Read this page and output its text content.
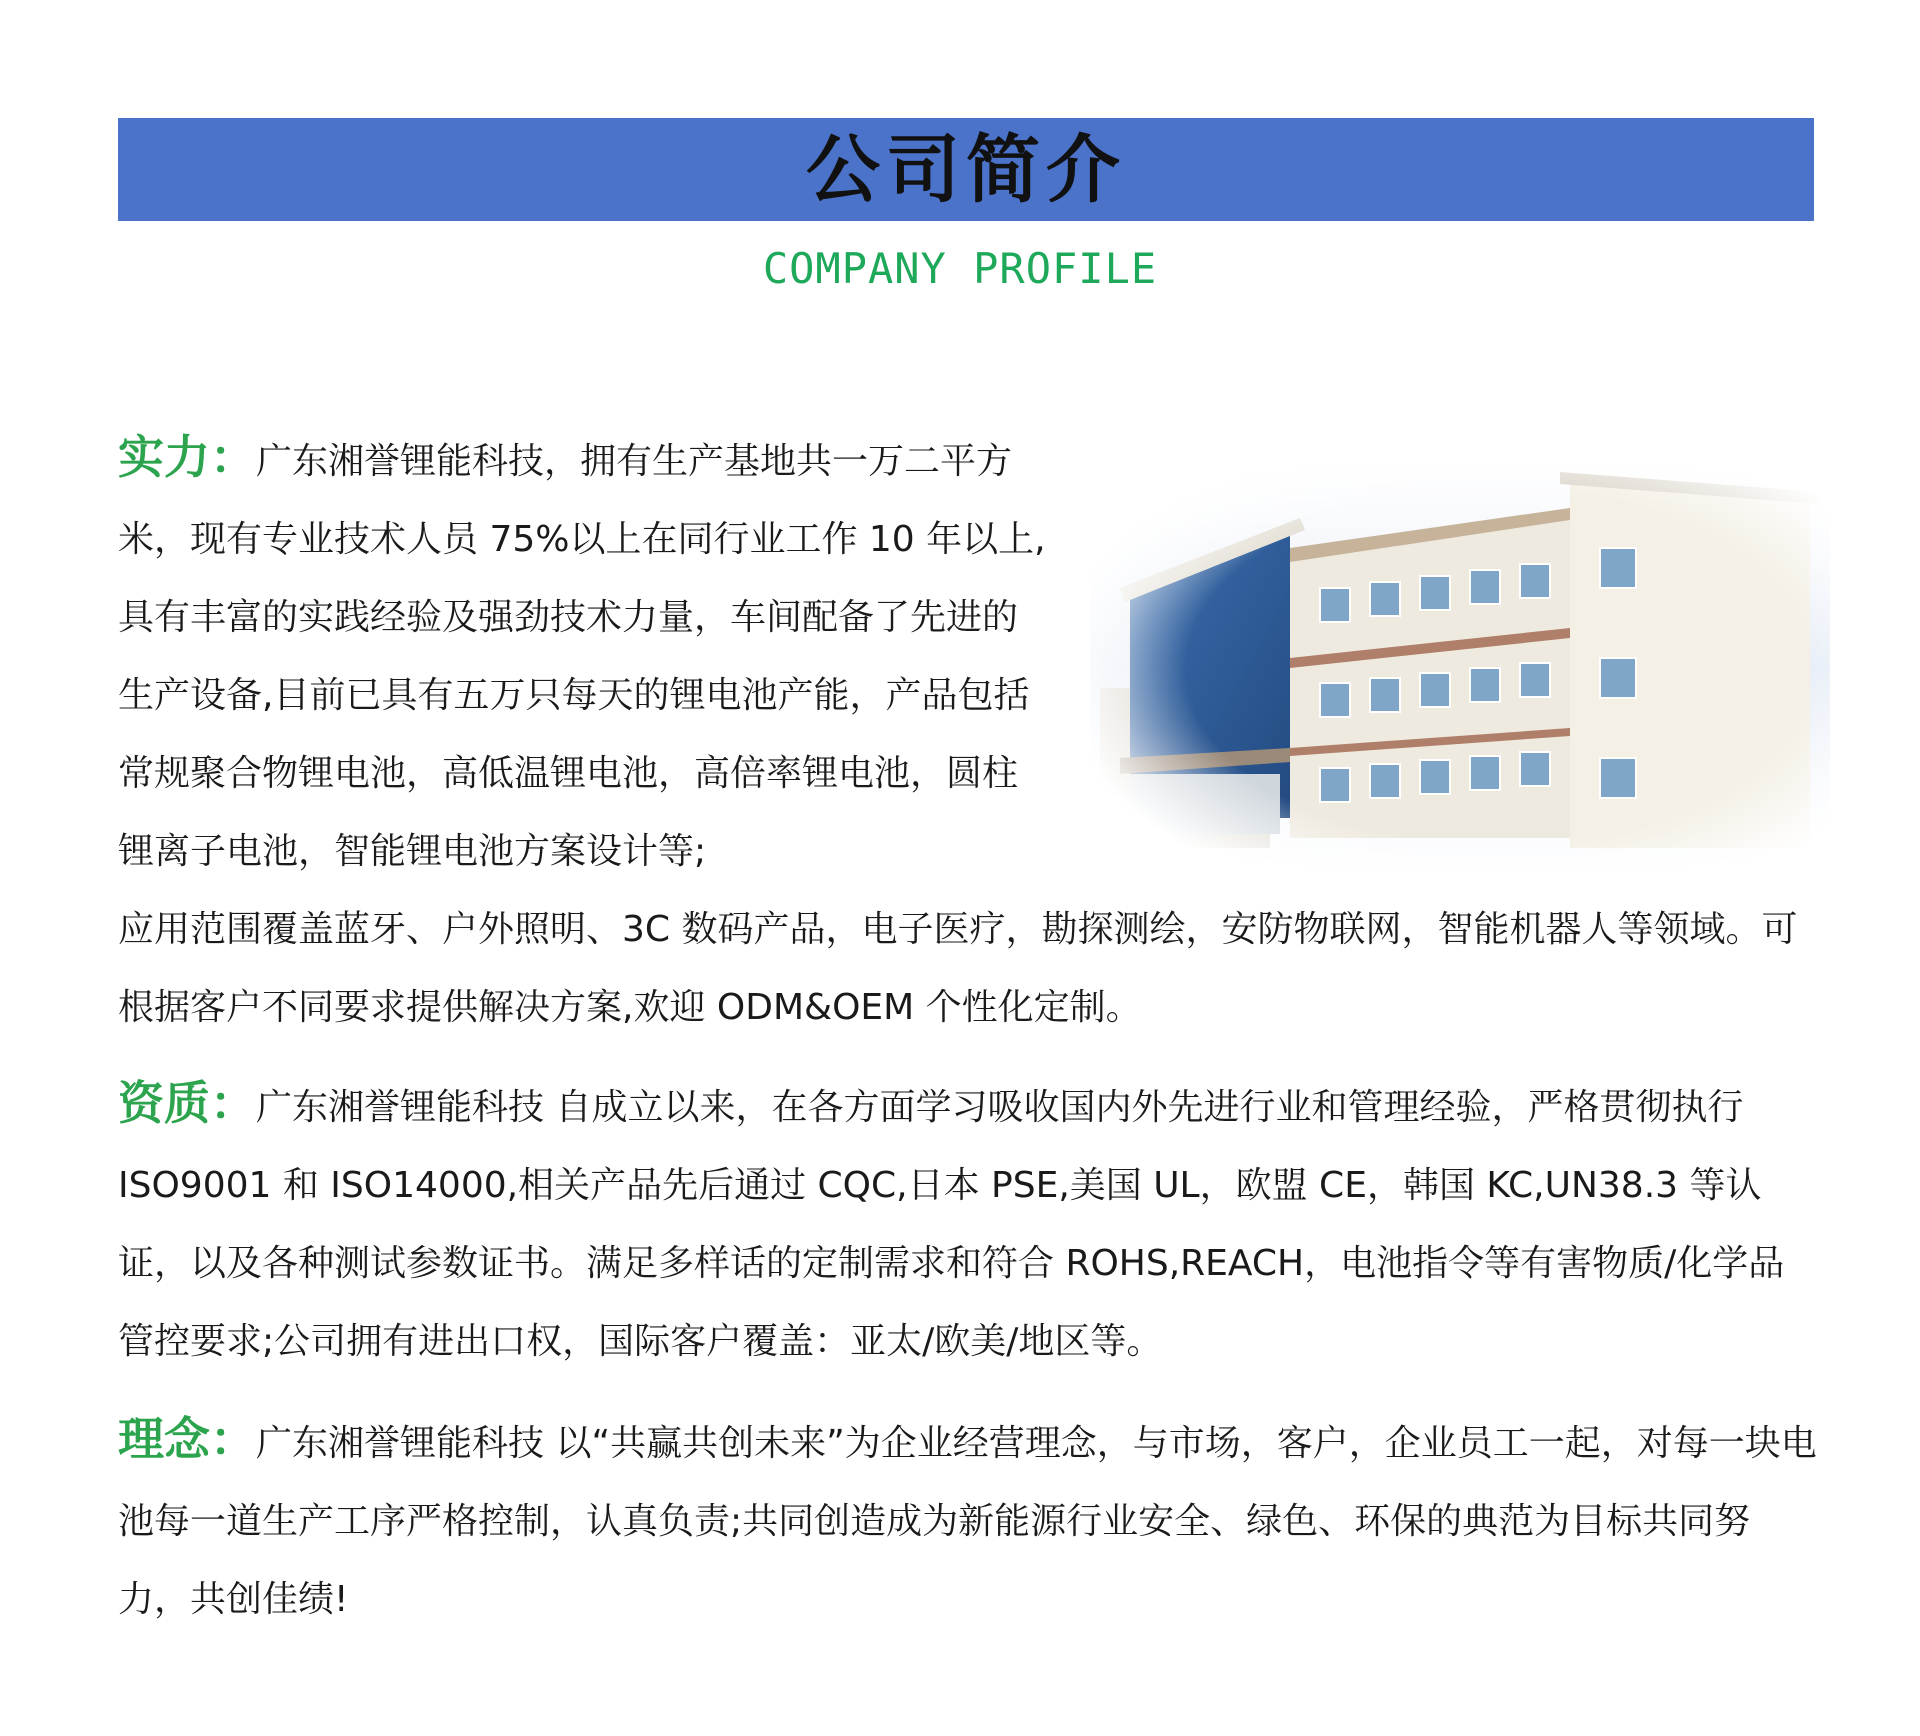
公司简介
COMPANY PROFILE
实力：广东湘誉锂能科技，拥有生产基地共一万二平方米，现有专业技术人员 75%以上在同行业工作 10 年以上,具有丰富的实践经验及强劲技术力量，车间配备了先进的生产设备,目前已具有五万只每天的锂电池产能，产品包括常规聚合物锂电池，高低温锂电池，高倍率锂电池，圆柱锂离子电池，智能锂电池方案设计等;
应用范围覆盖蓝牙、户外照明、3C 数码产品，电子医疗，勘探测绘，安防物联网，智能机器人等领域。可根据客户不同要求提供解决方案,欢迎 ODM&OEM 个性化定制。
资质：广东湘誉锂能科技 自成立以来，在各方面学习吸收国内外先进行业和管理经验，严格贯彻执行 ISO9001 和 ISO14000,相关产品先后通过 CQC,日本 PSE,美国 UL，欧盟 CE，韩国 KC,UN38.3 等认证，以及各种测试参数证书。满足多样话的定制需求和符合 ROHS,REACH，电池指令等有害物质/化学品管控要求;公司拥有进出口权，国际客户覆盖：亚太/欧美/地区等。
理念：广东湘誉锂能科技 以“共赢共创未来”为企业经营理念，与市场，客户，企业员工一起，对每一块电池每一道生产工序严格控制，认真负责;共同创造成为新能源行业安全、绿色、环保的典范为目标共同努力，共创佳绩!
